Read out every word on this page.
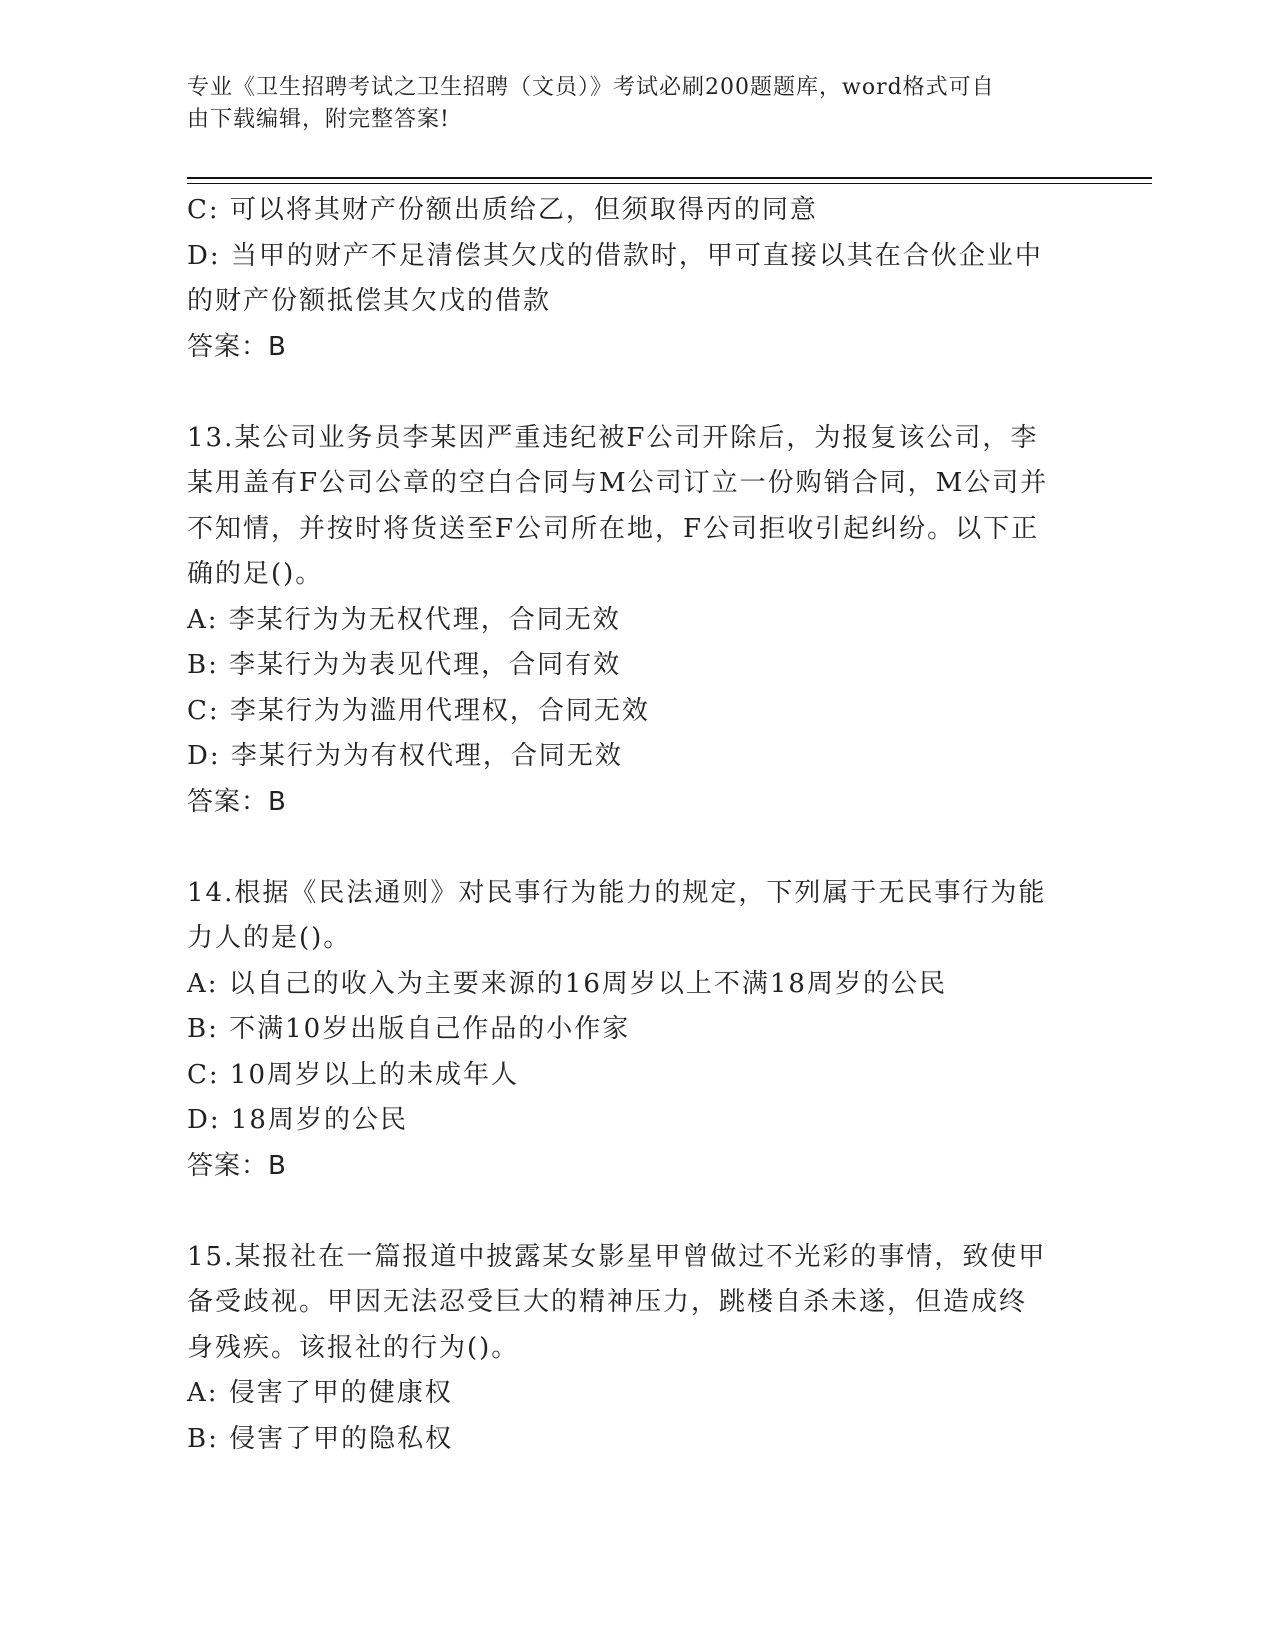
专业《卫生招聘考试之卫生招聘（文员）》考试必刷200题题库，word格式可自
由下载编辑，附完整答案!

C: 可以将其财产份额出质给乙，但须取得丙的同意

D: 当甲的财产不足清偿其欠戊的借款时，甲可直接以其在合伙企业中

的财产份额抵偿其欠戊的借款

答案：B

13.某公司业务员李某因严重违纪被F公司开除后，为报复该公司，李

某用盖有F公司公章的空白合同与M公司订立一份购销合同，M公司并

不知情，并按时将货送至F公司所在地，F公司拒收引起纠纷。以下正

确的足()。

A: 李某行为为无权代理，合同无效

B: 李某行为为表见代理，合同有效

C: 李某行为为滥用代理权，合同无效

D: 李某行为为有权代理，合同无效

答案：B

14.根据《民法通则》对民事行为能力的规定，下列属于无民事行为能

力人的是()。

A: 以自己的收入为主要来源的16周岁以上不满18周岁的公民

B: 不满10岁出版自己作品的小作家

C: 10周岁以上的未成年人

D: 18周岁的公民

答案：B

15.某报社在一篇报道中披露某女影星甲曾做过不光彩的事情，致使甲

备受歧视。甲因无法忍受巨大的精神压力，跳楼自杀未遂，但造成终

身残疾。该报社的行为()。

A: 侵害了甲的健康权

B: 侵害了甲的隐私权
